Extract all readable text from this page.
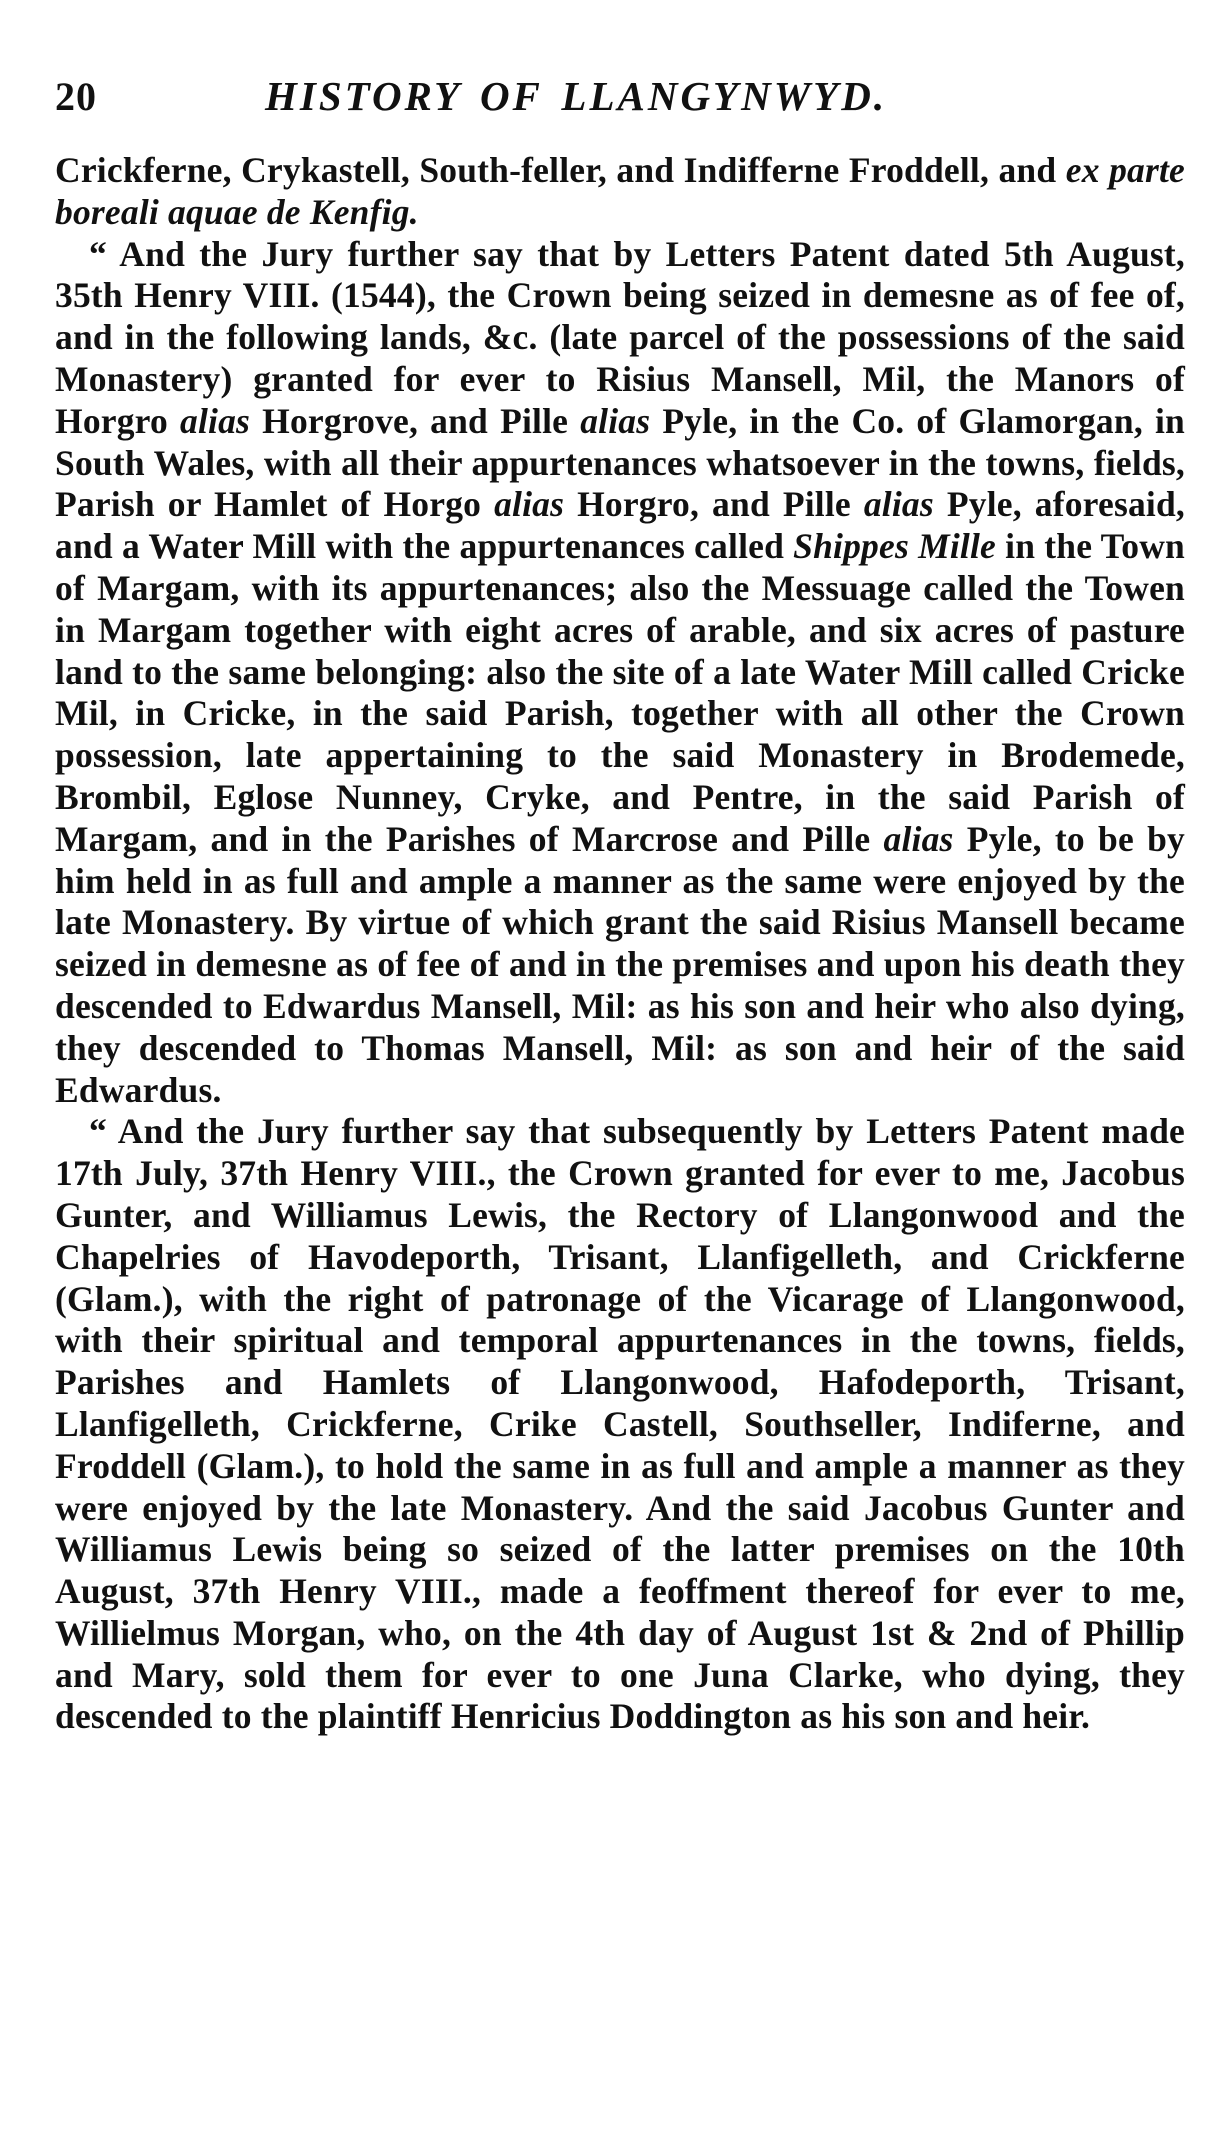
20	HISTORY OF LLANGYNWYD.

Crickferne, Crykastell, South-feller, and Indifferne Froddell, and ex parte boreali aquae de Kenfig.

“ And the Jury further say that by Letters Patent dated 5th August, 35th Henry VIII. (1544), the Crown being seized in demesne as of fee of, and in the following lands, &c. (late parcel of the possessions of the said Monastery) granted for ever to Risius Mansell, Mil, the Manors of Horgro alias Horgrove, and Pille alias Pyle, in the Co. of Glamorgan, in South Wales, with all their appurtenances whatsoever in the towns, fields, Parish or Hamlet of Horgo alias Horgro, and Pille alias Pyle, aforesaid, and a Water Mill with the appurtenances called Shippes Mille in the Town of Margam, with its appurtenances; also the Messuage called the Towen in Margam together with eight acres of arable, and six acres of pasture land to the same belonging: also the site of a late Water Mill called Cricke Mil, in Cricke, in the said Parish, together with all other the Crown possession, late appertaining to the said Monastery in Brodemede, Brombil, Eglose Nunney, Cryke, and Pentre, in the said Parish of Margam, and in the Parishes of Marcrose and Pille alias Pyle, to be by him held in as full and ample a manner as the same were enjoyed by the late Monastery. By virtue of which grant the said Risius Mansell became seized in demesne as of fee of and in the premises and upon his death they descended to Edwardus Mansell, Mil: as his son and heir who also dying, they descended to Thomas Mansell, Mil: as son and heir of the said Edwardus.

“ And the Jury further say that subsequently by Letters Patent made 17th July, 37th Henry VIII., the Crown granted for ever to me, Jacobus Gunter, and Williamus Lewis, the Rectory of Llangonwood and the Chapelries of Havodeporth, Trisant, Llanfigelleth, and Crickferne (Glam.), with the right of patronage of the Vicarage of Llangonwood, with their spiritual and temporal appurtenances in the towns, fields, Parishes and Hamlets of Llangonwood, Hafodeporth, Trisant, Llanfigelleth, Crickferne, Crike Castell, Southseller, Indiferne, and Froddell (Glam.), to hold the same in as full and ample a manner as they were enjoyed by the late Monastery. And the said Jacobus Gunter and Williamus Lewis being so seized of the latter premises on the 10th August, 37th Henry VIII., made a feoffment thereof for ever to me, Willielmus Morgan, who, on the 4th day of August 1st & 2nd of Phillip and Mary, sold them for ever to one Juna Clarke, who dying, they descended to the plaintiff Henricius Doddington as his son and heir.
